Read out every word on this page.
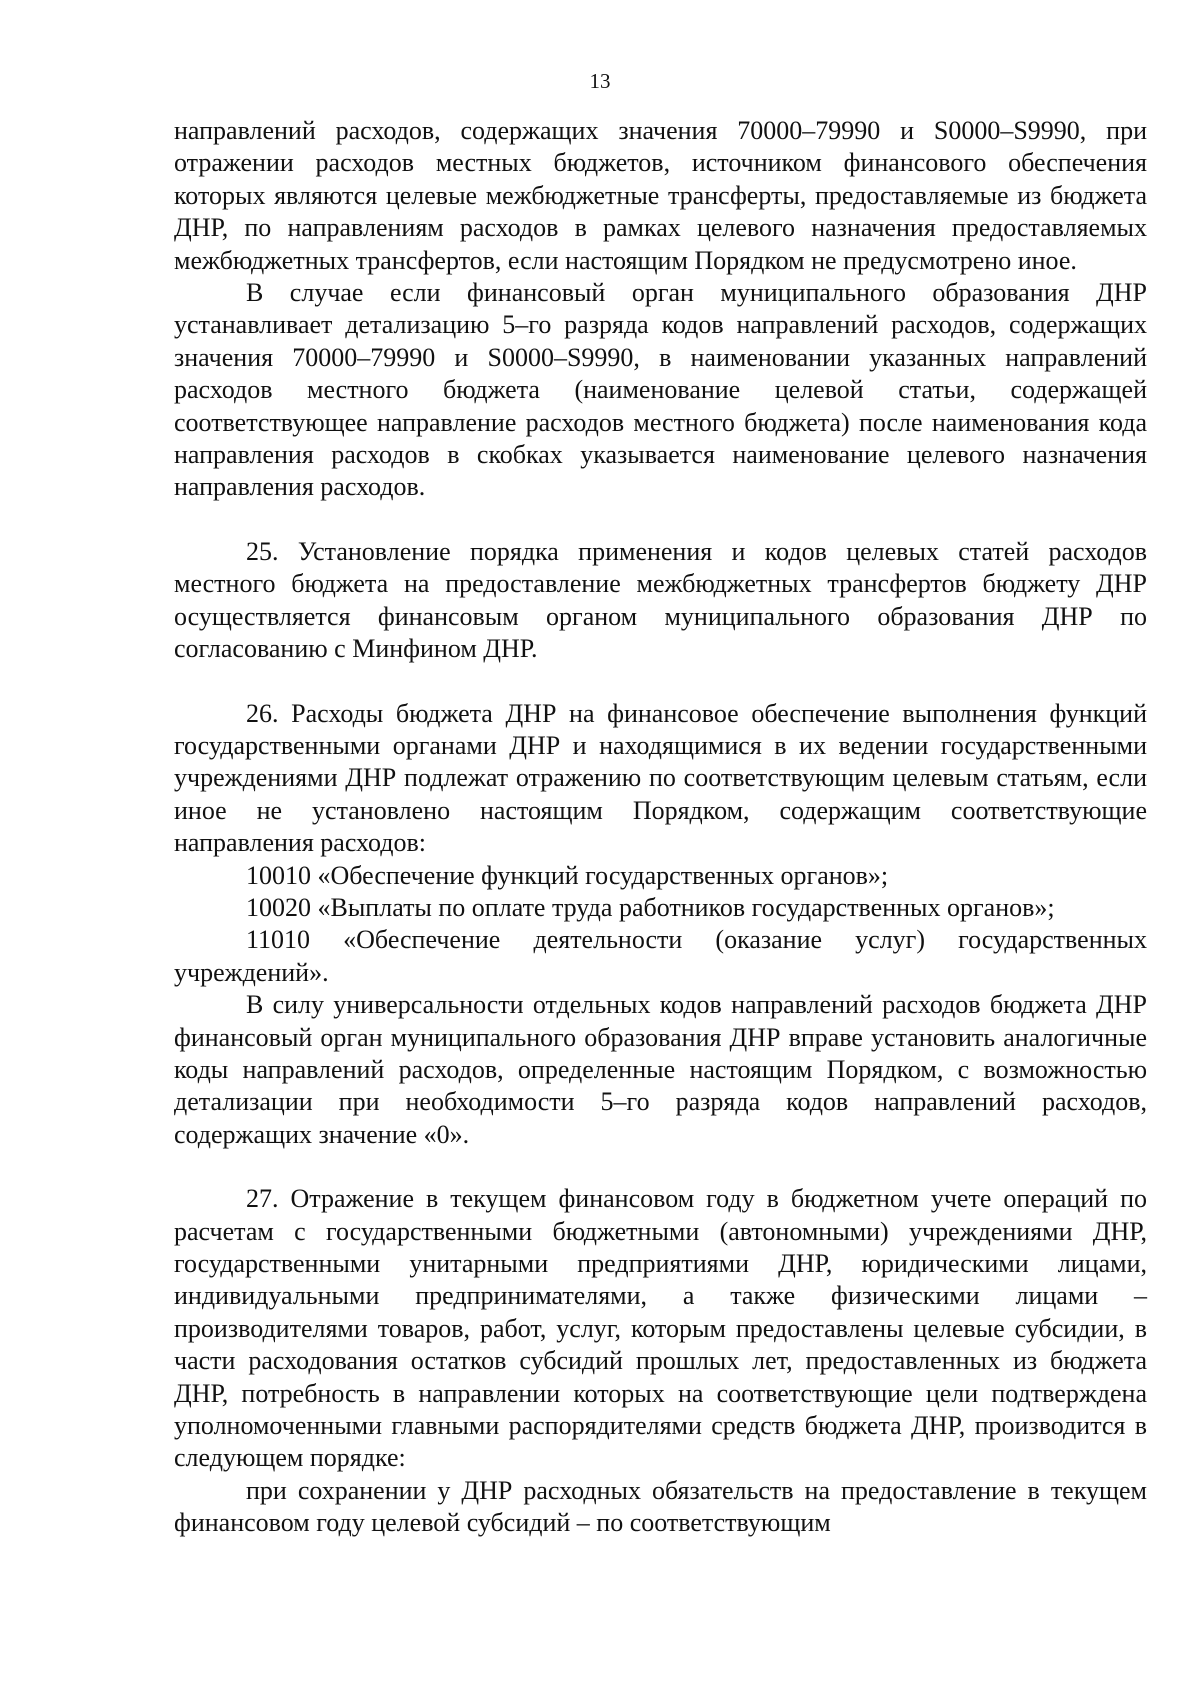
13

направлений расходов, содержащих значения 70000–79990 и S0000–S9990, при отражении расходов местных бюджетов, источником финансового обеспечения которых являются целевые межбюджетные трансферты, предоставляемые из бюджета ДНР, по направлениям расходов в рамках целевого назначения предоставляемых межбюджетных трансфертов, если настоящим Порядком не предусмотрено иное.

В случае если финансовый орган муниципального образования ДНР устанавливает детализацию 5–го разряда кодов направлений расходов, содержащих значения 70000–79990 и S0000–S9990, в наименовании указанных направлений расходов местного бюджета (наименование целевой статьи, содержащей соответствующее направление расходов местного бюджета) после наименования кода направления расходов в скобках указывается наименование целевого назначения направления расходов.

25. Установление порядка применения и кодов целевых статей расходов местного бюджета на предоставление межбюджетных трансфертов бюджету ДНР осуществляется финансовым органом муниципального образования ДНР по согласованию с Минфином ДНР.

26. Расходы бюджета ДНР на финансовое обеспечение выполнения функций государственными органами ДНР и находящимися в их ведении государственными учреждениями ДНР подлежат отражению по соответствующим целевым статьям, если иное не установлено настоящим Порядком, содержащим соответствующие направления расходов:

10010 «Обеспечение функций государственных органов»;

10020 «Выплаты по оплате труда работников государственных органов»;

11010 «Обеспечение деятельности (оказание услуг) государственных учреждений».

В силу универсальности отдельных кодов направлений расходов бюджета ДНР финансовый орган муниципального образования ДНР вправе установить аналогичные коды направлений расходов, определенные настоящим Порядком, с возможностью детализации при необходимости 5–го разряда кодов направлений расходов, содержащих значение «0».

27. Отражение в текущем финансовом году в бюджетном учете операций по расчетам с государственными бюджетными (автономными) учреждениями ДНР, государственными унитарными предприятиями ДНР, юридическими лицами, индивидуальными предпринимателями, а также физическими лицами – производителями товаров, работ, услуг, которым предоставлены целевые субсидии, в части расходования остатков субсидий прошлых лет, предоставленных из бюджета ДНР, потребность в направлении которых на соответствующие цели подтверждена уполномоченными главными распорядителями средств бюджета ДНР, производится в следующем порядке:

при сохранении у ДНР расходных обязательств на предоставление в текущем финансовом году целевой субсидий – по соответствующим
